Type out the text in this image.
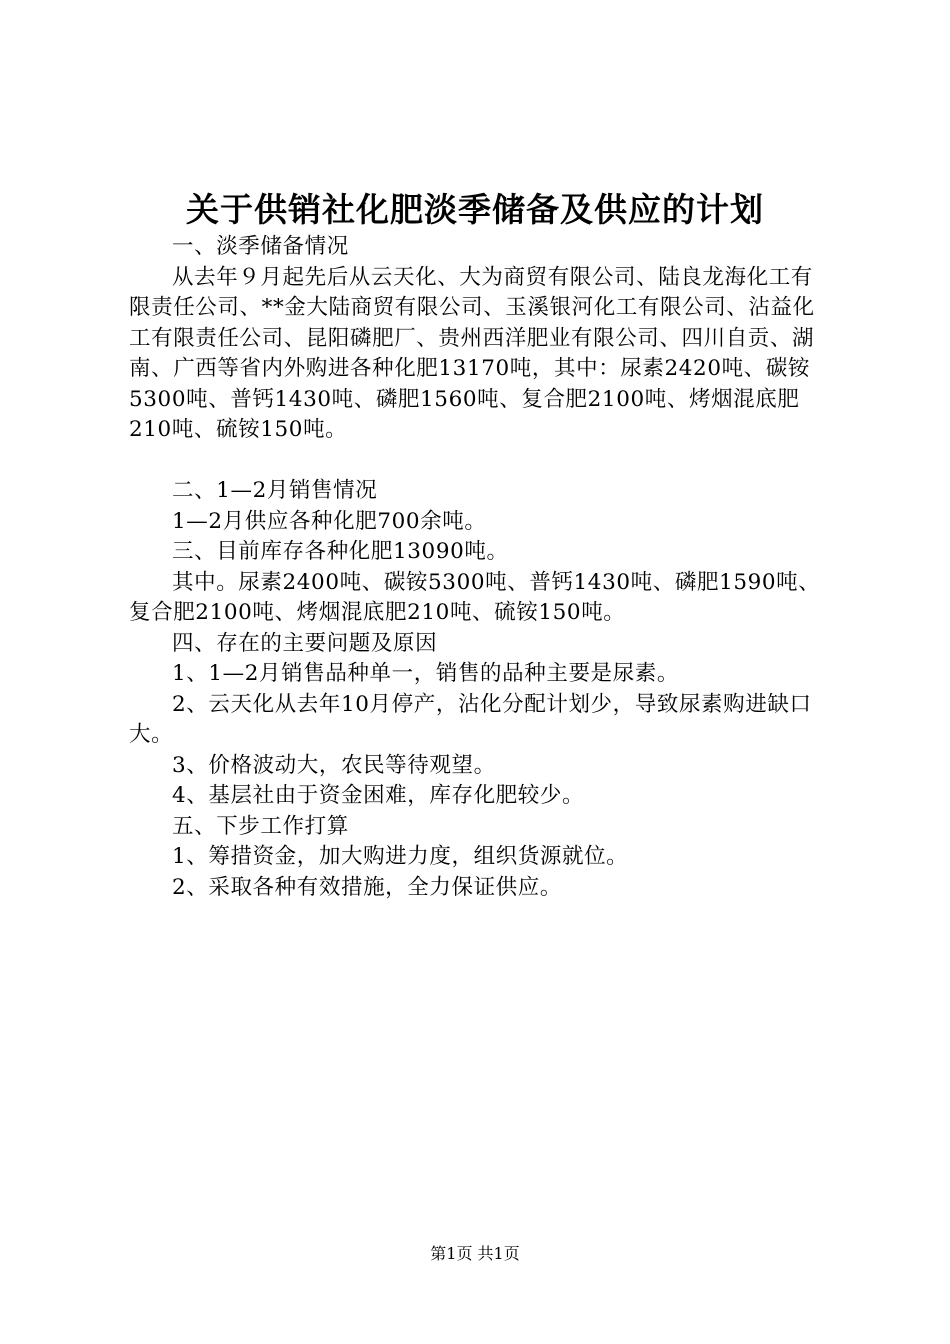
关于供销社化肥淡季储备及供应的计划

一、淡季储备情况

从去年９月起先后从云天化、大为商贸有限公司、陆良龙海化工有限责任公司、**金大陆商贸有限公司、玉溪银河化工有限公司、沾益化工有限责任公司、昆阳磷肥厂、贵州西洋肥业有限公司、四川自贡、湖南、广西等省内外购进各种化肥13170吨，其中：尿素2420吨、碳铵5300吨、普钙1430吨、磷肥1560吨、复合肥2100吨、烤烟混底肥210吨、硫铵150吨。

二、1—2月销售情况

1—2月供应各种化肥700余吨。

三、目前库存各种化肥13090吨。

其中。尿素2400吨、碳铵5300吨、普钙1430吨、磷肥1590吨、复合肥2100吨、烤烟混底肥210吨、硫铵150吨。

四、存在的主要问题及原因

1、1—2月销售品种单一，销售的品种主要是尿素。

2、云天化从去年10月停产，沾化分配计划少，导致尿素购进缺口大。

3、价格波动大，农民等待观望。

4、基层社由于资金困难，库存化肥较少。

五、下步工作打算

1、筹措资金，加大购进力度，组织货源就位。

2、采取各种有效措施，全力保证供应。

第1页 共1页
